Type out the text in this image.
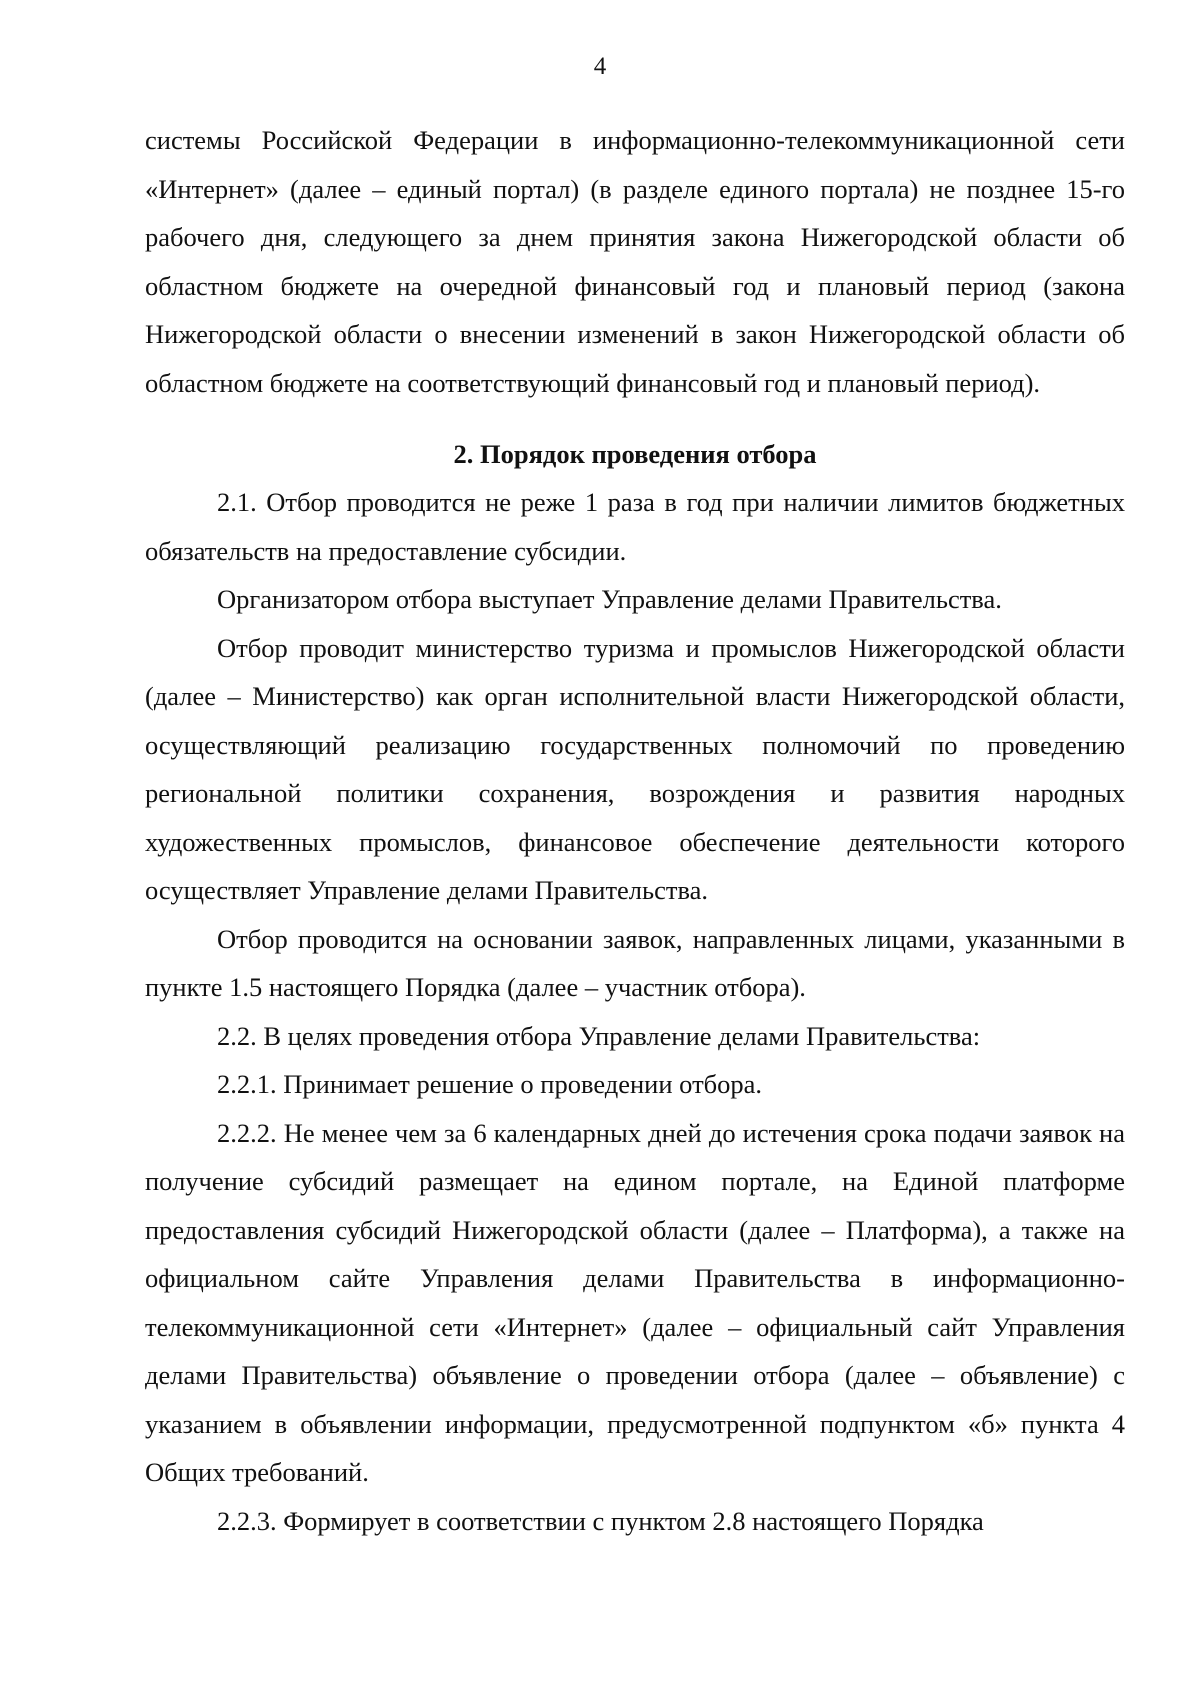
4

системы Российской Федерации в информационно-телекоммуникационной сети «Интернет» (далее – единый портал) (в разделе единого портала) не позднее 15-го рабочего дня, следующего за днем принятия закона Нижегородской области об областном бюджете на очередной финансовый год и плановый период (закона Нижегородской области о внесении изменений в закон Нижегородской области об областном бюджете на соответствующий финансовый год и плановый период).

2. Порядок проведения отбора

2.1. Отбор проводится не реже 1 раза в год при наличии лимитов бюджетных обязательств на предоставление субсидии.

Организатором отбора выступает Управление делами Правительства.

Отбор проводит министерство туризма и промыслов Нижегородской области (далее – Министерство) как орган исполнительной власти Нижегородской области, осуществляющий реализацию государственных полномочий по проведению региональной политики сохранения, возрождения и развития народных художественных промыслов, финансовое обеспечение деятельности которого осуществляет Управление делами Правительства.

Отбор проводится на основании заявок, направленных лицами, указанными в пункте 1.5 настоящего Порядка (далее – участник отбора).

2.2. В целях проведения отбора Управление делами Правительства:

2.2.1. Принимает решение о проведении отбора.

2.2.2. Не менее чем за 6 календарных дней до истечения срока подачи заявок на получение субсидий размещает на едином портале, на Единой платформе предоставления субсидий Нижегородской области (далее – Платформа), а также на официальном сайте Управления делами Правительства в информационно-телекоммуникационной сети «Интернет» (далее – официальный сайт Управления делами Правительства) объявление о проведении отбора (далее – объявление) с указанием в объявлении информации, предусмотренной подпунктом «б» пункта 4 Общих требований.

2.2.3. Формирует в соответствии с пунктом 2.8 настоящего Порядка
